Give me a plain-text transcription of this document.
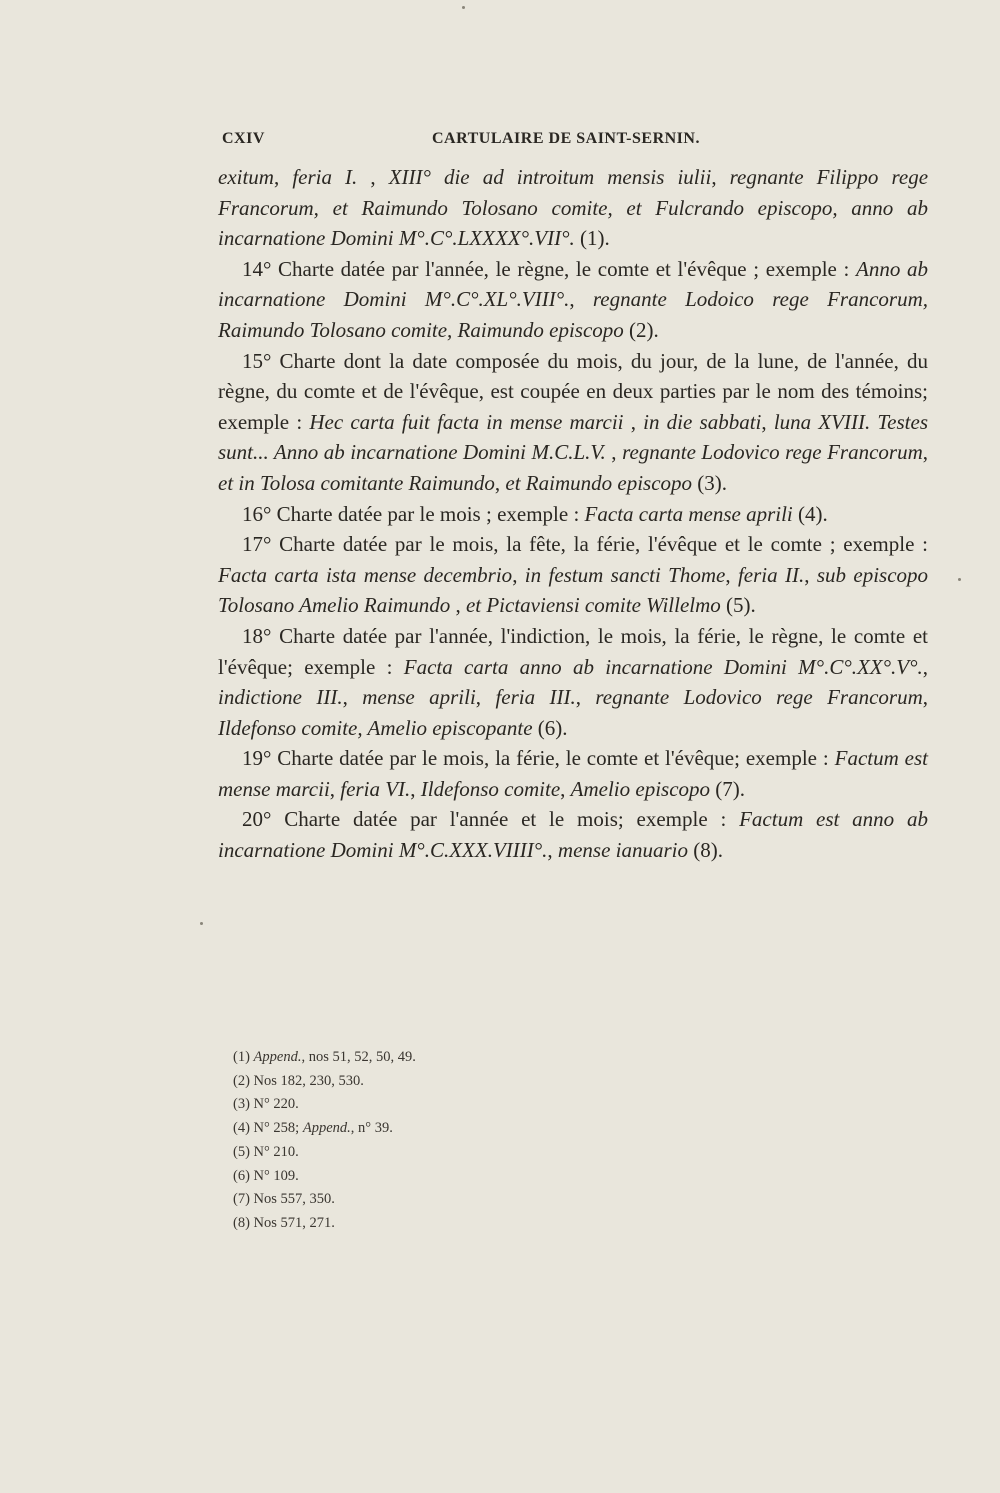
CXIV	CARTULAIRE DE SAINT-SERNIN.

exitum, feria I. , XIII° die ad introitum mensis iulii, regnante Filippo rege Francorum, et Raimundo Tolosano comite, et Fulcrando episcopo, anno ab incarnatione Domini M°.C°.LXXXX°.VII°. (1).

14° Charte datée par l'année, le règne, le comte et l'évêque ; exemple : Anno ab incarnatione Domini M°.C°.XL°.VIII°., regnante Lodoico rege Francorum, Raimundo Tolosano comite, Raimundo episcopo (2).

15° Charte dont la date composée du mois, du jour, de la lune, de l'année, du règne, du comte et de l'évêque, est coupée en deux parties par le nom des témoins; exemple : Hec carta fuit facta in mense marcii , in die sabbati, luna XVIII. Testes sunt... Anno ab incarnatione Domini M.C.L.V. , regnante Lodovico rege Francorum, et in Tolosa comitante Raimundo, et Raimundo episcopo (3).

16° Charte datée par le mois ; exemple : Facta carta mense aprili (4).

17° Charte datée par le mois, la fête, la férie, l'évêque et le comte ; exemple : Facta carta ista mense decembrio, in festum sancti Thome, feria II., sub episcopo Tolosano Amelio Raimundo , et Pictaviensi comite Willelmo (5).

18° Charte datée par l'année, l'indiction, le mois, la férie, le règne, le comte et l'évêque; exemple : Facta carta anno ab incarnatione Domini M°.C°.XX°.V°., indictione III., mense aprili, feria III., regnante Lodovico rege Francorum, Ildefonso comite, Amelio episcopante (6).

19° Charte datée par le mois, la férie, le comte et l'évêque; exemple : Factum est mense marcii, feria VI., Ildefonso comite, Amelio episcopo (7).

20° Charte datée par l'année et le mois; exemple : Factum est anno ab incarnatione Domini M°.C.XXX.VIIII°., mense ianuario (8).

(1) Append., nos 51, 52, 50, 49.
(2) Nos 182, 230, 530.
(3) N° 220.
(4) N° 258; Append., n° 39.
(5) N° 210.
(6) N° 109.
(7) Nos 557, 350.
(8) Nos 571, 271.
